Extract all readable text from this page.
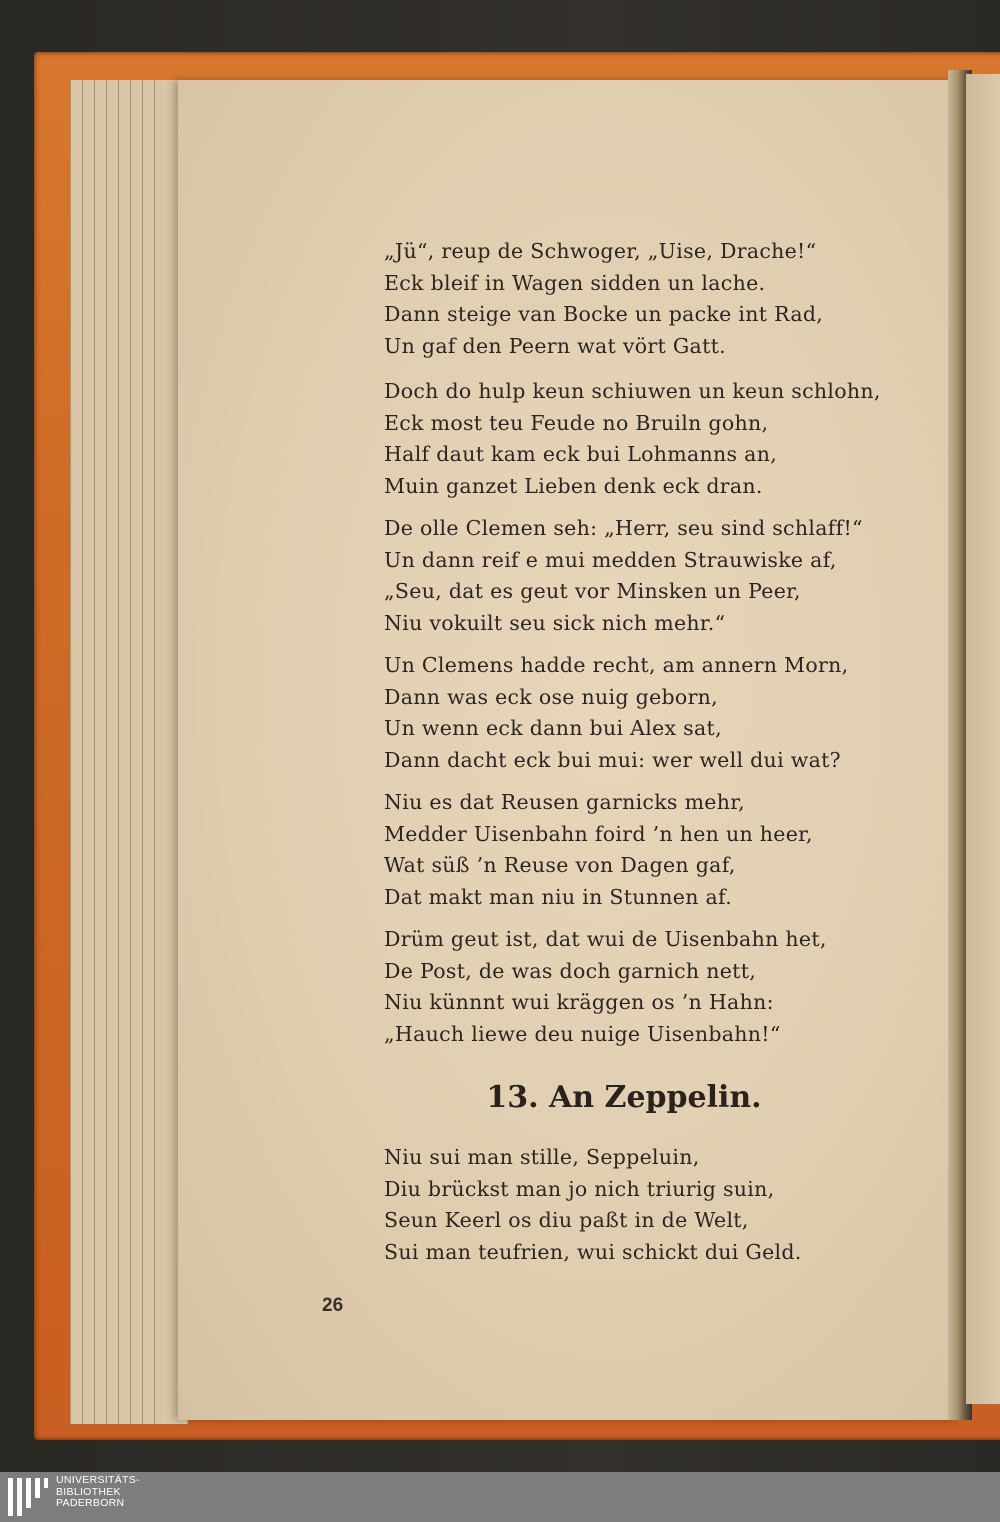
„Jü“, reup de Schwoger, „Uise, Drache!“
Eck bleif in Wagen sidden un lache.
Dann steige van Bocke un packe int Rad,
Un gaf den Peern wat vört Gatt.
Doch do hulp keun schiuwen un keun schlohn,
Eck most teu Feude no Bruiln gohn,
Half daut kam eck bui Lohmanns an,
Muin ganzet Lieben denk eck dran.
De olle Clemen seh: „Herr, seu sind schlaff!“
Un dann reif e mui medden Strauwiske af,
„Seu, dat es geut vor Minsken un Peer,
Niu vokuilt seu sick nich mehr.“
Un Clemens hadde recht, am annern Morn,
Dann was eck ose nuig geborn,
Un wenn eck dann bui Alex sat,
Dann dacht eck bui mui: wer well dui wat?
Niu es dat Reusen garnicks mehr,
Medder Uisenbahn foird ’n hen un heer,
Wat süß ’n Reuse von Dagen gaf,
Dat makt man niu in Stunnen af.
Drüm geut ist, dat wui de Uisenbahn het,
De Post, de was doch garnich nett,
Niu künnnt wui kräggen os ’n Hahn:
„Hauch liewe deu nuige Uisenbahn!“
13. An Zeppelin.
Niu sui man stille, Seppeluin,
Diu brückst man jo nich triurig suin,
Seun Keerl os diu paßt in de Welt,
Sui man teufrien, wui schickt dui Geld.
26
UNIVERSITÄTS-
BIBLIOTHEK
PADERBORN
